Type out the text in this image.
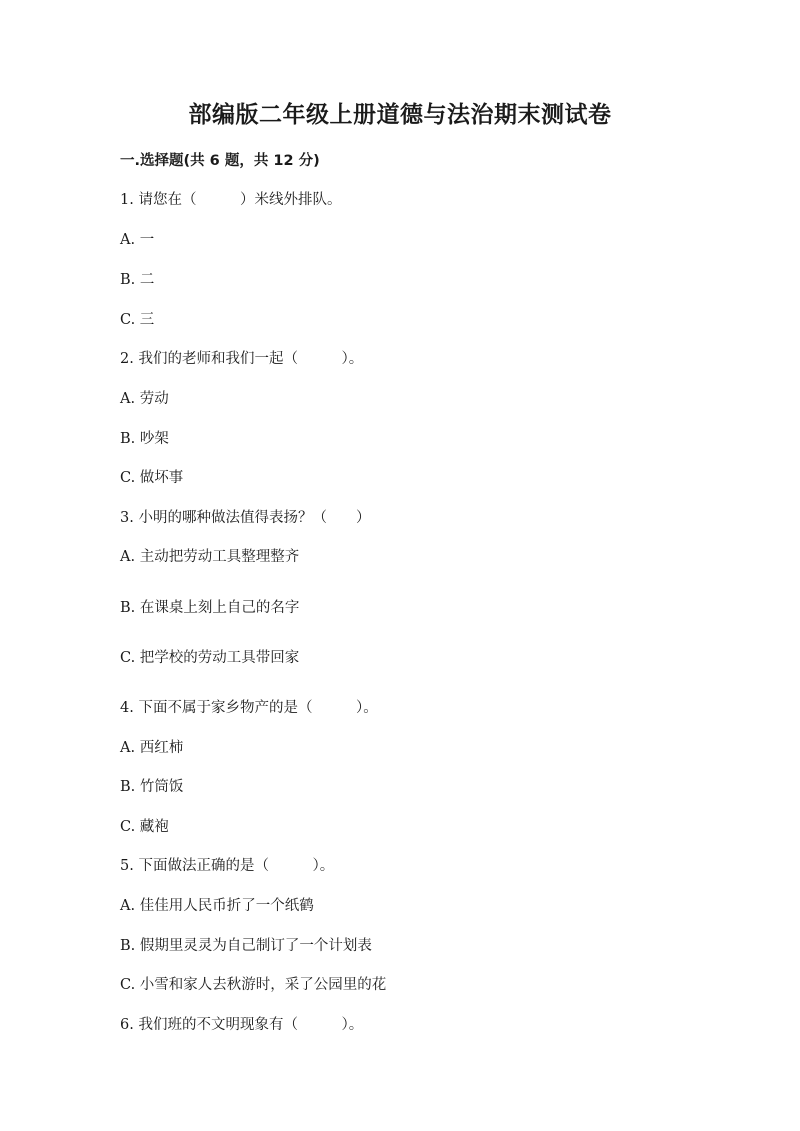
部编版二年级上册道德与法治期末测试卷
一.选择题(共 6 题，共 12 分)
1. 请您在（　　　）米线外排队。
A. 一
B. 二
C. 三
2. 我们的老师和我们一起（　　　）。
A. 劳动
B. 吵架
C. 做坏事
3. 小明的哪种做法值得表扬？（　　）
A. 主动把劳动工具整理整齐
B. 在课桌上刻上自己的名字
C. 把学校的劳动工具带回家
4. 下面不属于家乡物产的是（　　　）。
A. 西红柿
B. 竹筒饭
C. 藏袍
5. 下面做法正确的是（　　　）。
A. 佳佳用人民币折了一个纸鹤
B. 假期里灵灵为自己制订了一个计划表
C. 小雪和家人去秋游时，采了公园里的花
6. 我们班的不文明现象有（　　　）。
